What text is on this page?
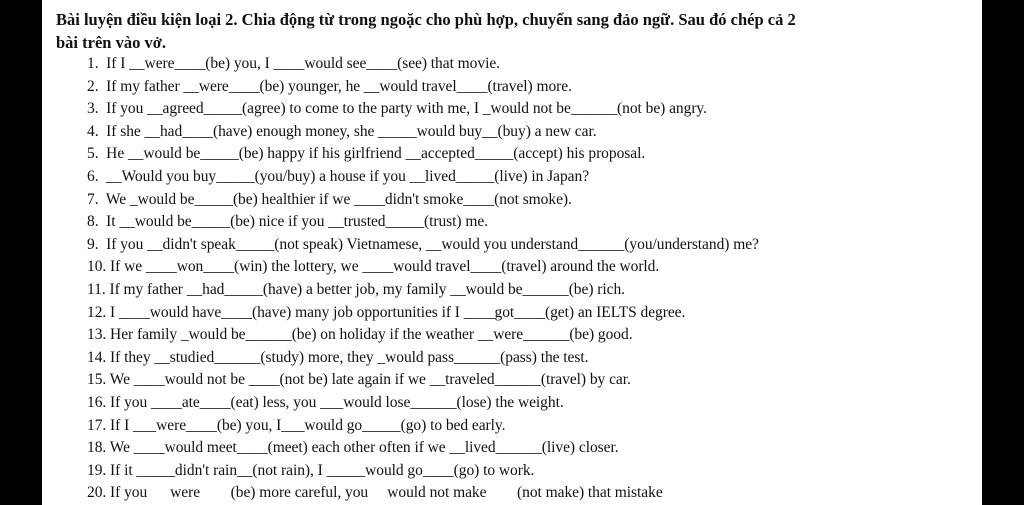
Bài luyện điều kiện loại 2. Chia động từ trong ngoặc cho phù hợp, chuyển sang đảo ngữ. Sau đó chép cả 2
bài trên vào vở.
1.  If I __were____(be) you, I ____would see____(see) that movie.
2.  If my father __were____(be) younger, he __would travel____(travel) more.
3.  If you __agreed_____(agree) to come to the party with me, I _would not be______(not be) angry.
4.  If she __had____(have) enough money, she _____would buy__(buy) a new car.
5.  He __would be_____(be) happy if his girlfriend __accepted_____(accept) his proposal.
6.  __Would you buy_____(you/buy) a house if you __lived_____(live) in Japan?
7.  We _would be_____(be) healthier if we ____didn't smoke____(not smoke).
8.  It __would be_____(be) nice if you __trusted_____(trust) me.
9.  If you __didn't speak_____(not speak) Vietnamese, __would you understand______(you/understand) me?
10. If we ____won____(win) the lottery, we ____would travel____(travel) around the world.
11. If my father __had_____(have) a better job, my family __would be______(be) rich.
12. I ____would have____(have) many job opportunities if I ____got____(get) an IELTS degree.
13. Her family _would be______(be) on holiday if the weather __were______(be) good.
14. If they __studied______(study) more, they _would pass______(pass) the test.
15. We ____would not be ____(not be) late again if we __traveled______(travel) by car.
16. If you ____ate____(eat) less, you ___would lose______(lose) the weight.
17. If I ___were____(be) you, I___would go_____(go) to bed early.
18. We ____would meet____(meet) each other often if we __lived______(live) closer.
19. If it _____didn't rain__(not rain), I _____would go____(go) to work.
20. If you      were        (be) more careful, you     would not make        (not make) that mistake
